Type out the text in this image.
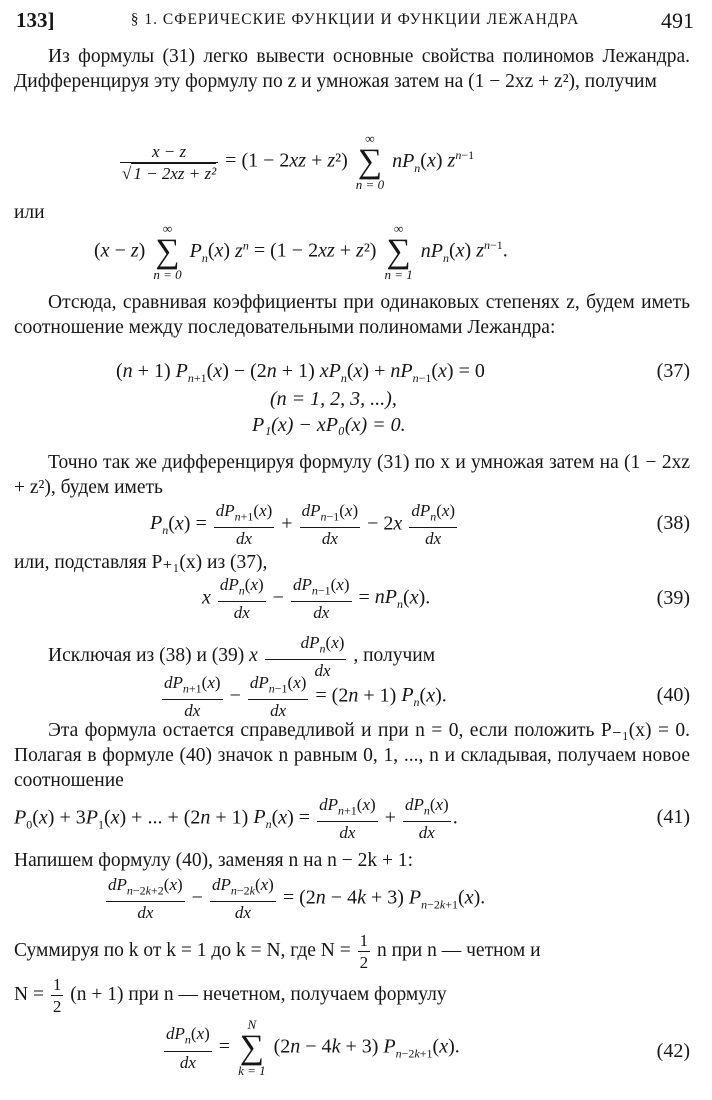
133]	§ 1. СФЕРИЧЕСКИЕ ФУНКЦИИ И ФУНКЦИИ ЛЕЖАНДРА	491

Из формулы (31) легко вывести основные свойства полиномов Лежандра. Дифференцируя эту формулу по z и умножая затем на (1 − 2xz + z²), получим

$\frac{x - z}{\text{√ 1 − 2xz + z²}} = (1 - 2xz + z^2)$
∞
∑
n = 0
$nP_n(x)$ $z^{n-1}$

или

(x − z)
∞
∑
n = 0
$P_n(x) z^n = (1 - 2xz + z^2)$
∞
∑
n = 1
$nP_n(x)$ $z^{n-1}$.

Отсюда, сравнивая коэффициенты при одинаковых степенях z, будем иметь соотношение между последовательными полиномами Лежандра:

(n + 1) $P_{n+1}(x) - (2n + 1) xP_n(x) + nP_{n-1}(x) = 0$	(37)
(n = 1, 2, 3, ...),
P₁(x) − xP₀(x) = 0.

Точно так же дифференцируя формулу (31) по x и умножая затем на (1 − 2xz + z²), будем иметь

$P_n(x)$ =
$dP_{n+1}(x)$
dx
+
$dP_{n-1}(x)$
dx
− 2x
$dP_n(x)$
dx
(38)

или, подставляя P₊₁(x) из (37),

x
$dP_n(x)$
dx
−
$dP_{n-1}(x)$
dx
= $nP_n(x)$.	(39)
Исключая из (38) и (39) x
$dP_n(x)$
dx
, получим
$dP_{n+1}(x)$
dx
−
$dP_{n-1}(x)$
dx
= (2n + 1) $P_n(x)$.	(40)

Эта формула остается справедливой и при n = 0, если положить P₋₁(x) = 0. Полагая в формуле (40) значок n равным 0, 1, ..., n и складывая, получаем новое соотношение

$P_0(x) + 3P_1(x)$ + ... + (2n + 1) $P_n(x)$ =
$dP_{n+1}(x)$
dx
+
$dP_n(x)$
dx
.	(41)

Напишем формулу (40), заменяя n на n − 2k + 1:

$dP_{n-2k+2}(x)$
dx
−
$dP_{n-2k}(x)$
dx
= (2n − 4k + 3) $P_{n-2k+1}(x)$.
Суммируя по k от k = 1 до k = N, где $N = \frac{1}{2}$ n при n — четном и
$N = \frac{1}{2} (n + 1)$ при n — нечетном, получаем формулу
$dP_n(x)$
dx
=
N
∑
k = 1
(2n − 4k + 3) $P_{n-2k+1}(x)$.	(42)
